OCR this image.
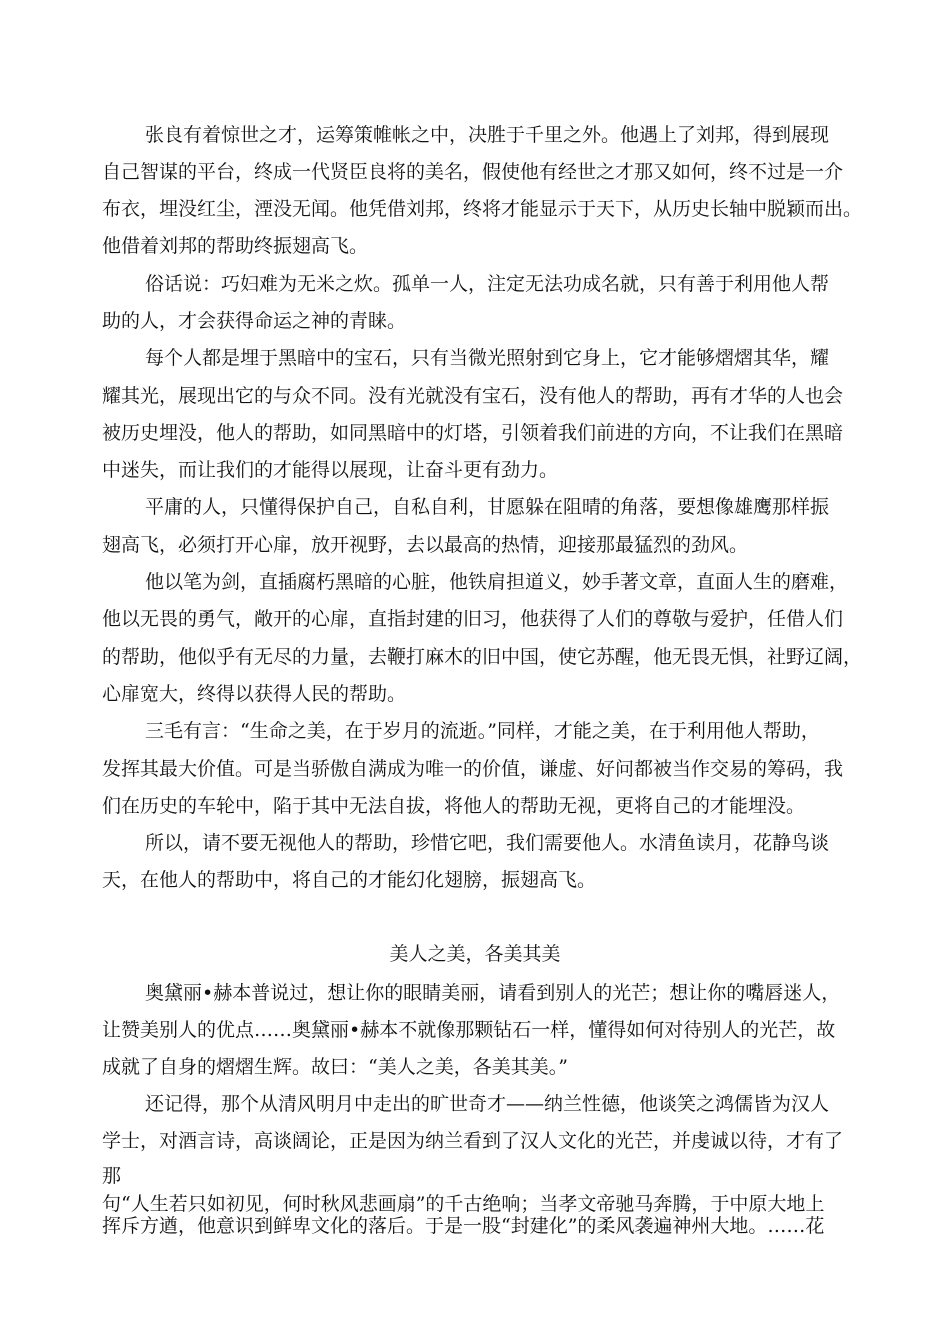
张良有着惊世之才，运筹策帷帐之中，决胜于千里之外。他遇上了刘邦，得到展现

自己智谋的平台，终成一代贤臣良将的美名，假使他有经世之才那又如何，终不过是一介

布衣，埋没红尘，湮没无闻。他凭借刘邦，终将才能显示于天下，从历史长轴中脱颖而出。

他借着刘邦的帮助终振翅高飞。

俗话说：巧妇难为无米之炊。孤单一人，注定无法功成名就，只有善于利用他人帮

助的人，才会获得命运之神的青睐。

每个人都是埋于黑暗中的宝石，只有当微光照射到它身上，它才能够熠熠其华，耀

耀其光，展现出它的与众不同。没有光就没有宝石，没有他人的帮助，再有才华的人也会

被历史埋没，他人的帮助，如同黑暗中的灯塔，引领着我们前进的方向，不让我们在黑暗

中迷失，而让我们的才能得以展现，让奋斗更有劲力。

平庸的人，只懂得保护自己，自私自利，甘愿躲在阻晴的角落，要想像雄鹰那样振

翅高飞，必须打开心扉，放开视野，去以最高的热情，迎接那最猛烈的劲风。

他以笔为剑，直插腐朽黑暗的心脏，他铁肩担道义，妙手著文章，直面人生的磨难，

他以无畏的勇气，敞开的心扉，直指封建的旧习，他获得了人们的尊敬与爱护，任借人们

的帮助，他似乎有无尽的力量，去鞭打麻木的旧中国，使它苏醒，他无畏无惧，社野辽阔，

心扉宽大，终得以获得人民的帮助。

三毛有言：“生命之美，在于岁月的流逝。”同样，才能之美，在于利用他人帮助，

发挥其最大价值。可是当骄傲自满成为唯一的价值，谦虚、好问都被当作交易的筹码，我

们在历史的车轮中，陷于其中无法自拔，将他人的帮助无视，更将自己的才能埋没。

所以，请不要无视他人的帮助，珍惜它吧，我们需要他人。水清鱼读月，花静鸟谈

天，在他人的帮助中，将自己的才能幻化翅膀，振翅高飞。

美人之美，各美其美

奥黛丽•赫本普说过，想让你的眼睛美丽，请看到别人的光芒；想让你的嘴唇迷人，

让赞美别人的优点……奥黛丽•赫本不就像那颗钻石一样，懂得如何对待别人的光芒，故

成就了自身的熠熠生辉。故曰：“美人之美，各美其美。”

还记得，那个从清风明月中走出的旷世奇才——纳兰性德，他谈笑之鸿儒皆为汉人

学士，对酒言诗，高谈阔论，正是因为纳兰看到了汉人文化的光芒，并虔诚以待，才有了

那

句“人生若只如初见，何时秋风悲画扇”的千古绝响；当孝文帝驰马奔腾，于中原大地上

挥斥方遒，他意识到鲜卑文化的落后。于是一股“封建化”的柔风袭遍神州大地。……花
